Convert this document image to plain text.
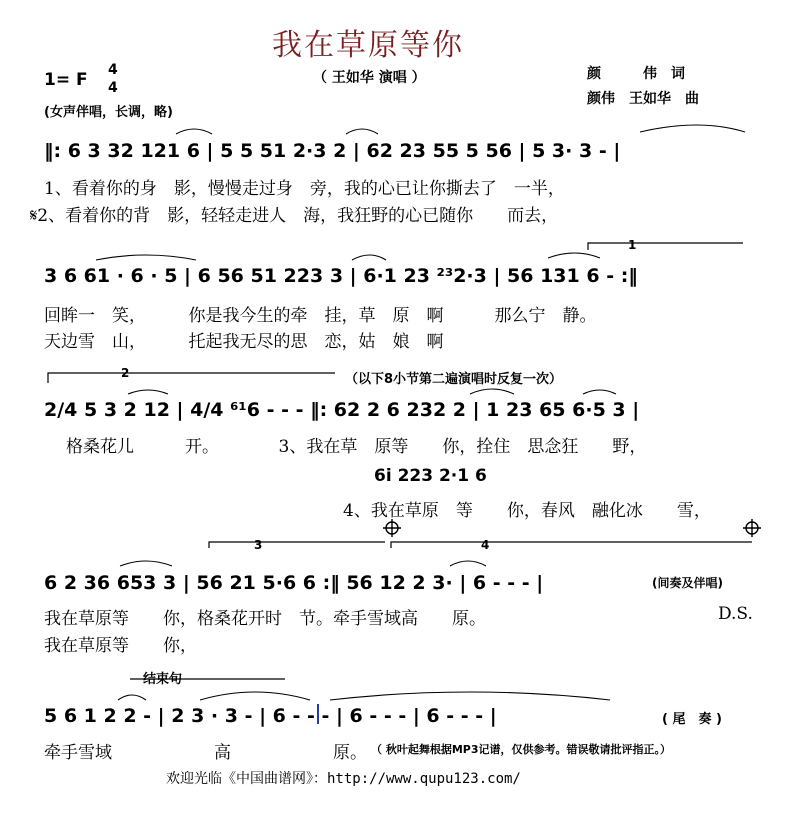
我在草原等你
1= F 4
4
（ 王如华 演唱 ）
(女声伴唱，长调，略)
颜　　　伟　词
颜伟　王如华　曲
‖: 6 3 32 121 6 | 5 5 51 2·3 2 | 62 23 55 5 56 | 5 3· 3 - |
1、看着你的身　影，慢慢走过身　旁，我的心已让你撕去了　一半，
𝄋2、看着你的背　影，轻轻走进人　海，我狂野的心已随你　　而去，
1
3 6 61 · 6 · 5 | 6 56 51 223 3 | 6·1 23 ²³2·3 | 56 131 6 - :‖
回眸一　笑，　　　你是我今生的牵　挂，草　原　啊　　　那么宁　静。
天边雪　山，　　　托起我无尽的思　恋，姑　娘　啊
2	（以下8小节第二遍演唱时反复一次）
2/4 5 3 2 12 | 4/4 ⁶¹6 - - - ‖: 62 2 6 232 2 | 1 23 65 6·5 3 |
格桑花儿　　　开。　　　　3、我在草　原等　　你，拴住　思念狂　　野，
6i 223 2·1 6
4、我在草原　等　　你，春风　融化冰　　雪，
3	4
6 2 36 653 3 | 56 21 5·6 6 :‖ 56 12 2 3· | 6 - - - |	(间奏及伴唱)
我在草原等　　你，格桑花开时　节。牵手雪域高　　原。	D.S.
我在草原等　　你，
结束句
5 6 1 2 2 - | 2 3 · 3 - | 6 - - - | 6 - - - | 6 - - - |	( 尾　奏 )
牵手雪域　　　　　　高　　　　　　原。 （ 秋叶起舞根据MP3记谱，仅供参考。错误敬请批评指正。）
欢迎光临《中国曲谱网》：http://www.qupu123.com/
